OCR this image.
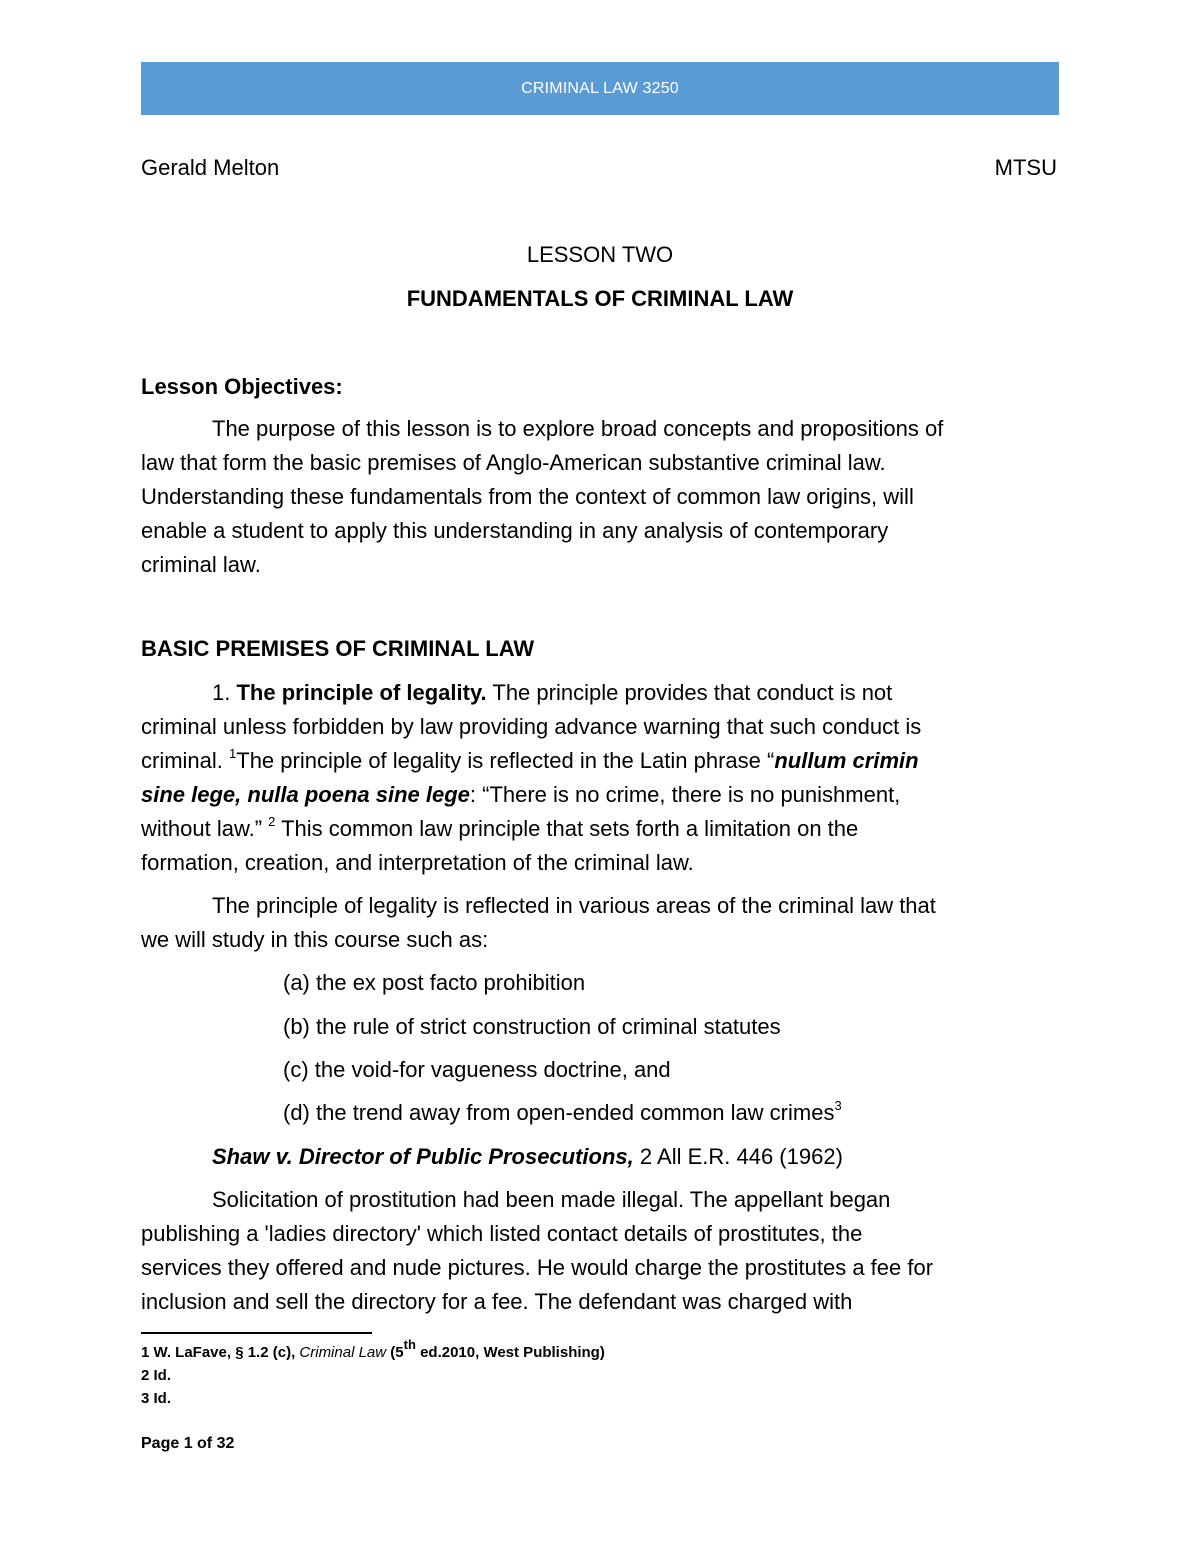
CRIMINAL LAW 3250
Gerald Melton	MTSU
LESSON TWO
FUNDAMENTALS OF CRIMINAL LAW
Lesson Objectives:
The purpose of this lesson is to explore broad concepts and propositions of
law that form the basic premises of Anglo-American substantive criminal law.
Understanding these fundamentals from the context of common law origins, will
enable a student to apply this understanding in any analysis of contemporary
criminal law.
BASIC PREMISES OF CRIMINAL LAW
1. The principle of legality. The principle provides that conduct is not
criminal unless forbidden by law providing advance warning that such conduct is
criminal. $^1$The principle of legality is reflected in the Latin phrase “nullum crimin
sine lege, nulla poena sine lege: “There is no crime, there is no punishment,
without law.” $^2$ This common law principle that sets forth a limitation on the
formation, creation, and interpretation of the criminal law.
The principle of legality is reflected in various areas of the criminal law that
we will study in this course such as:
(a) the ex post facto prohibition
(b) the rule of strict construction of criminal statutes
(c) the void-for vagueness doctrine, and
(d) the trend away from open-ended common law crimes$^3$
Shaw v. Director of Public Prosecutions, 2 All E.R. 446 (1962)
Solicitation of prostitution had been made illegal. The appellant began
publishing a 'ladies directory' which listed contact details of prostitutes, the
services they offered and nude pictures. He would charge the prostitutes a fee for
inclusion and sell the directory for a fee. The defendant was charged with
1 W. LaFave, § 1.2 (c), Criminal Law (5th ed.2010, West Publishing)
2 Id.
3 Id.
Page 1 of 32
